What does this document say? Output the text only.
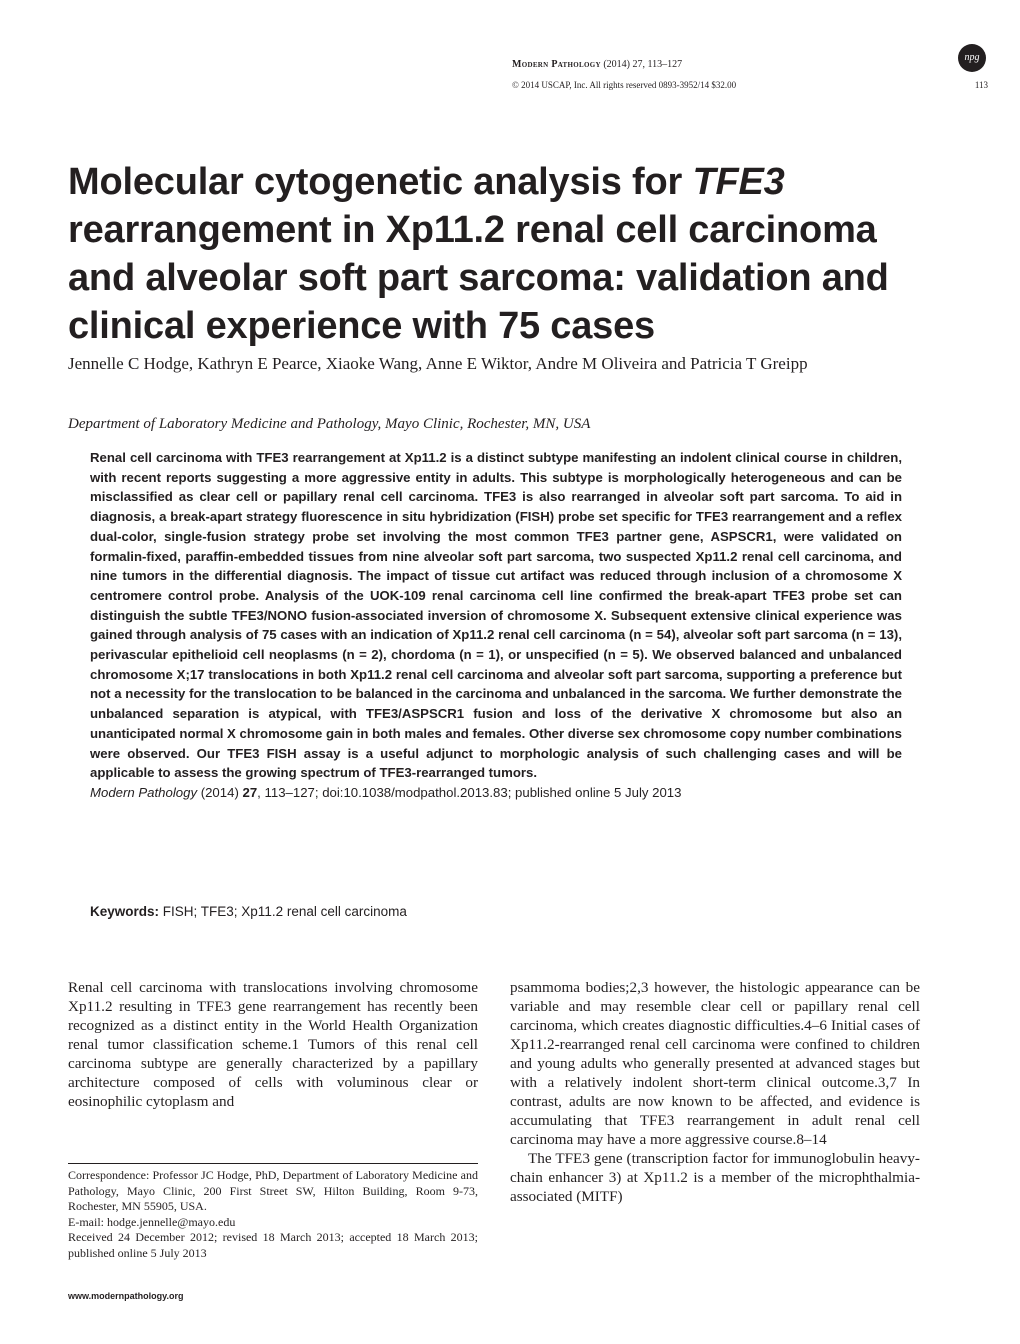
Modern Pathology (2014) 27, 113–127
npg
© 2014 USCAP, Inc. All rights reserved 0893-3952/14 $32.00	113
Molecular cytogenetic analysis for TFE3 rearrangement in Xp11.2 renal cell carcinoma and alveolar soft part sarcoma: validation and clinical experience with 75 cases
Jennelle C Hodge, Kathryn E Pearce, Xiaoke Wang, Anne E Wiktor, Andre M Oliveira and Patricia T Greipp
Department of Laboratory Medicine and Pathology, Mayo Clinic, Rochester, MN, USA

Renal cell carcinoma with TFE3 rearrangement at Xp11.2 is a distinct subtype manifesting an indolent clinical course in children, with recent reports suggesting a more aggressive entity in adults. This subtype is morphologically heterogeneous and can be misclassified as clear cell or papillary renal cell carcinoma. TFE3 is also rearranged in alveolar soft part sarcoma. To aid in diagnosis, a break-apart strategy fluorescence in situ hybridization (FISH) probe set specific for TFE3 rearrangement and a reflex dual-color, single-fusion strategy probe set involving the most common TFE3 partner gene, ASPSCR1, were validated on formalin-fixed, paraffin-embedded tissues from nine alveolar soft part sarcoma, two suspected Xp11.2 renal cell carcinoma, and nine tumors in the differential diagnosis. The impact of tissue cut artifact was reduced through inclusion of a chromosome X centromere control probe. Analysis of the UOK-109 renal carcinoma cell line confirmed the break-apart TFE3 probe set can distinguish the subtle TFE3/NONO fusion-associated inversion of chromosome X. Subsequent extensive clinical experience was gained through analysis of 75 cases with an indication of Xp11.2 renal cell carcinoma (n = 54), alveolar soft part sarcoma (n = 13), perivascular epithelioid cell neoplasms (n = 2), chordoma (n = 1), or unspecified (n = 5). We observed balanced and unbalanced chromosome X;17 translocations in both Xp11.2 renal cell carcinoma and alveolar soft part sarcoma, supporting a preference but not a necessity for the translocation to be balanced in the carcinoma and unbalanced in the sarcoma. We further demonstrate the unbalanced separation is atypical, with TFE3/ASPSCR1 fusion and loss of the derivative X chromosome but also an unanticipated normal X chromosome gain in both males and females. Other diverse sex chromosome copy number combinations were observed. Our TFE3 FISH assay is a useful adjunct to morphologic analysis of such challenging cases and will be applicable to assess the growing spectrum of TFE3-rearranged tumors.

Modern Pathology (2014) 27, 113–127; doi:10.1038/modpathol.2013.83; published online 5 July 2013
Keywords: FISH; TFE3; Xp11.2 renal cell carcinoma

Renal cell carcinoma with translocations involving chromosome Xp11.2 resulting in TFE3 gene rearrangement has recently been recognized as a distinct entity in the World Health Organization renal tumor classification scheme.1 Tumors of this renal cell carcinoma subtype are generally characterized by a papillary architecture composed of cells with voluminous clear or eosinophilic cytoplasm and

psammoma bodies;2,3 however, the histologic appearance can be variable and may resemble clear cell or papillary renal cell carcinoma, which creates diagnostic difficulties.4–6 Initial cases of Xp11.2-rearranged renal cell carcinoma were confined to children and young adults who generally presented at advanced stages but with a relatively indolent short-term clinical outcome.3,7 In contrast, adults are now known to be affected, and evidence is accumulating that TFE3 rearrangement in adult renal cell carcinoma may have a more aggressive course.8–14

The TFE3 gene (transcription factor for immunoglobulin heavy-chain enhancer 3) at Xp11.2 is a member of the microphthalmia-associated (MITF)

Correspondence: Professor JC Hodge, PhD, Department of Laboratory Medicine and Pathology, Mayo Clinic, 200 First Street SW, Hilton Building, Room 9-73, Rochester, MN 55905, USA.

E-mail: hodge.jennelle@mayo.edu

Received 24 December 2012; revised 18 March 2013; accepted 18 March 2013; published online 5 July 2013

www.modernpathology.org
